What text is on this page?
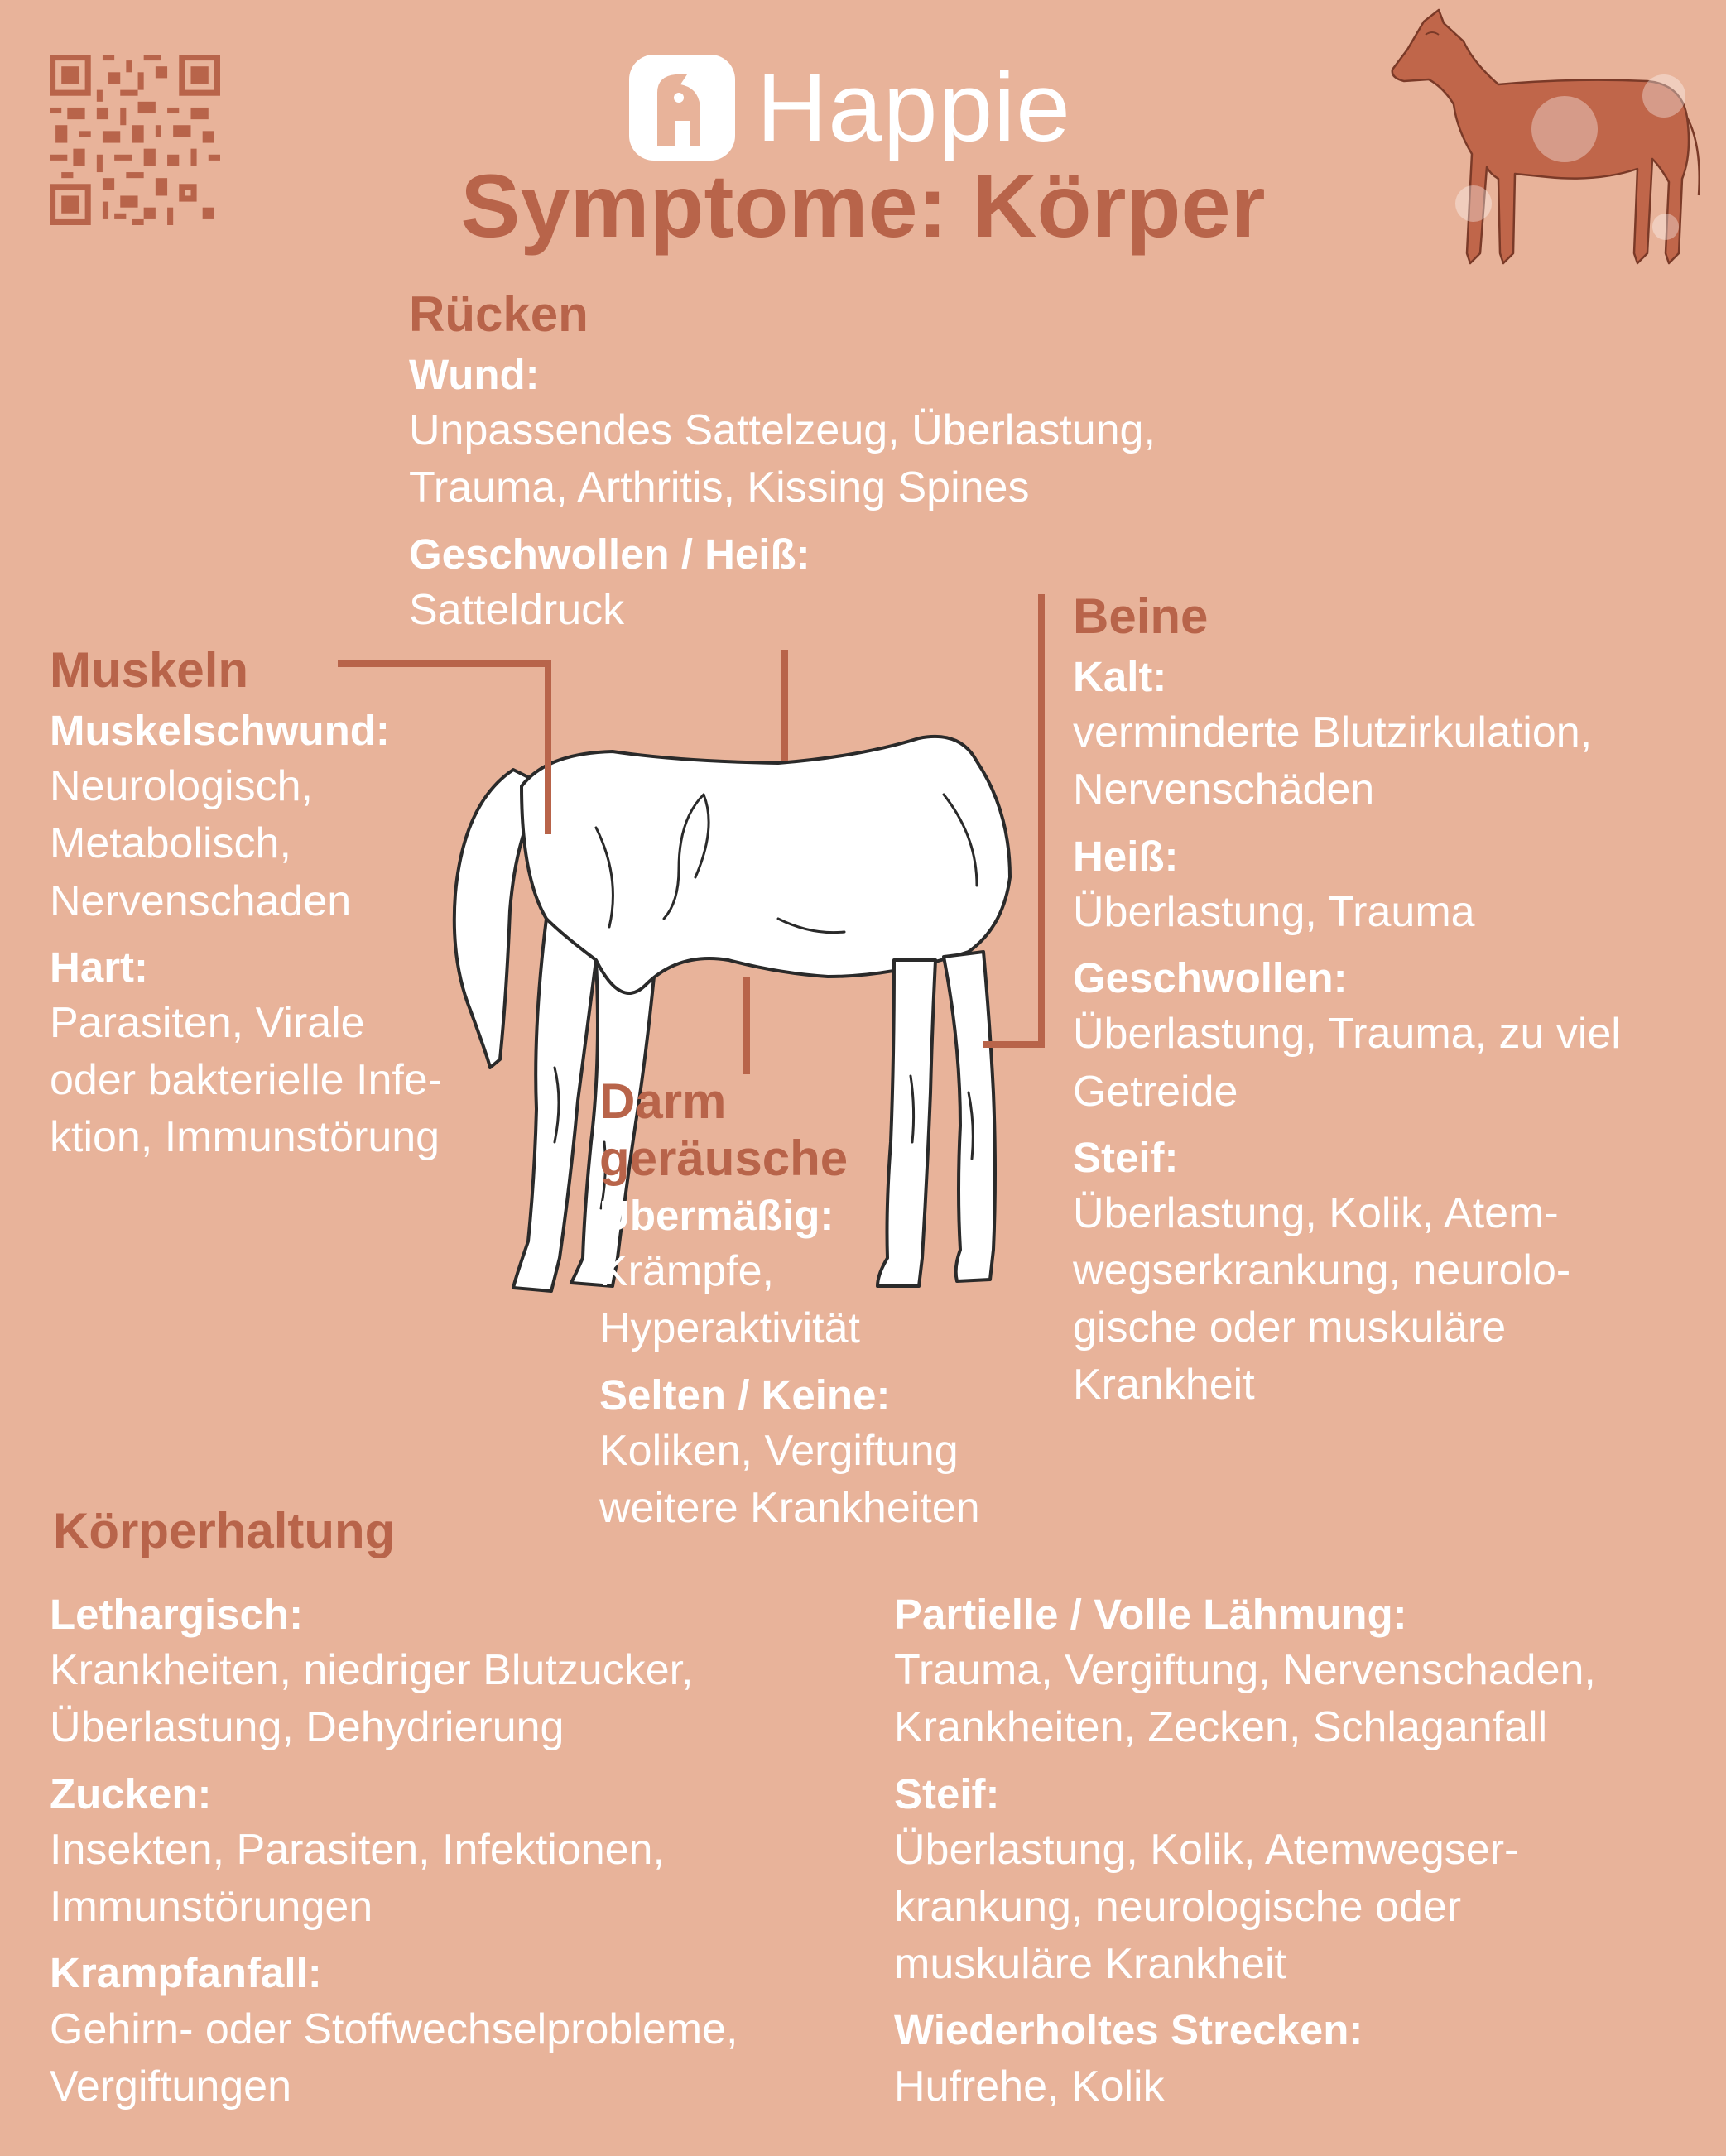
Happie
Symptome: Körper
Rücken
Wund:
Unpassendes Sattelzeug, Überlastung,
Trauma, Arthritis, Kissing Spines
Geschwollen / Heiß:
Satteldruck
Muskeln
Muskelschwund:
Neurologisch,
Metabolisch,
Nervenschaden
Hart:
Parasiten, Virale
oder bakterielle Infe-
ktion, Immunstörung
Beine
Kalt:
verminderte Blutzirkulation,
Nervenschäden
Heiß:
Überlastung, Trauma
Geschwollen:
Überlastung, Trauma, zu viel
Getreide
Steif:
Überlastung, Kolik, Atem-
wegserkrankung, neurolo-
gische oder muskuläre
Krankheit
Darm
geräusche
Übermäßig:
Krämpfe,
Hyperaktivität
Selten / Keine:
Koliken, Vergiftung
weitere Krankheiten
Körperhaltung
Lethargisch:
Krankheiten, niedriger Blutzucker,
Überlastung, Dehydrierung
Zucken:
Insekten, Parasiten, Infektionen,
Immunstörungen
Krampfanfall:
Gehirn- oder Stoffwechselprobleme,
Vergiftungen
Partielle / Volle Lähmung:
Trauma, Vergiftung, Nervenschaden,
Krankheiten, Zecken, Schlaganfall
Steif:
Überlastung, Kolik, Atemwegser-
krankung, neurologische oder
muskuläre Krankheit
Wiederholtes Strecken:
Hufrehe, Kolik
